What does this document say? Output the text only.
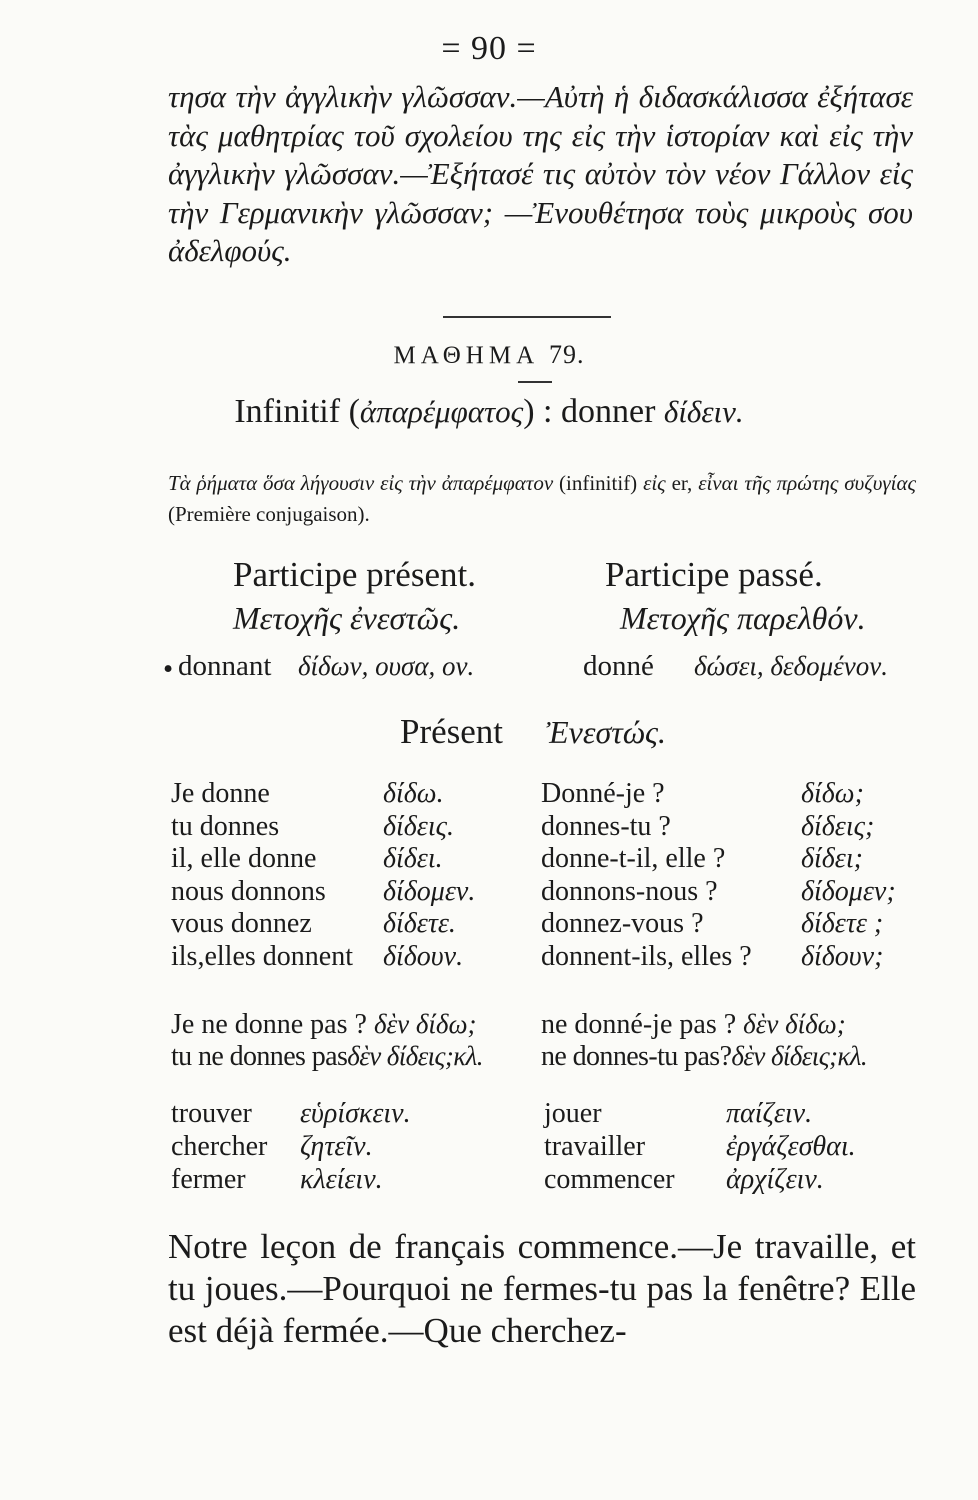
= 90 =
τησα τὴν ἀγγλικὴν γλῶσσαν.—Αὐτὴ ἡ διδασκάλισσα ἐξήτασε τὰς μαθητρίας τοῦ σχολείου της εἰς τὴν ἱστορίαν καὶ εἰς τὴν ἀγγλικὴν γλῶσσαν.—Ἐξήτασέ τις αὐτὸν τὸν νέον Γάλλον εἰς τὴν Γερμανικὴν γλῶσσαν; —Ἐνουθέτησα τοὺς μικροὺς σου ἀδελφούς.
ΜΑΘΗΜΑ 79.
Infinitif (ἀπαρέμφατος) : donner δίδειν.
Τὰ ῥήματα ὅσα λήγουσιν εἰς τὴν ἀπαρέμφατον (infinitif) εἰς er, εἶναι τῆς πρώτης συζυγίας (Première conjugaison).
Participe présent.	Participe passé.
Μετοχῆς ἐνεστῶς.	Μετοχῆς παρελθόν.
• donnant δίδων, ουσα, ον.	donné δώσει, δεδομένον.
Présent Ἐνεστώς.
Je donne	δίδω.	Donné-je ?	δίδω;
tu donnes	δίδεις.	donnes-tu ?	δίδεις;
il, elle donne δίδει.	donne-t-il, elle ?	δίδει;
nous donnons δίδομεν. donnons-nous ?	δίδομεν;
vous donnez	δίδετε.	donnez-vous ?	δίδετε ;
ils,elles donnent δίδουν.	donnent-ils, elles ? δίδουν;
Je ne donne pas ? δὲν δίδω; ne donné-je pas ? δὲν δίδω;
tu ne donnes pasδὲν δίδεις;κλ. ne donnes-tu pas?δὲν δίδεις;κλ.
trouver εὑρίσκειν.	jouer	παίζειν.
chercher ζητεῖν.	travailler	ἐργάζεσθαι.
fermer κλείειν.	commencer ἀρχίζειν.
Notre leçon de français commence.—Je travaille, et tu joues.—Pourquoi ne fermes-tu pas la fenêtre? Elle est déjà fermée.—Que cherchez-
